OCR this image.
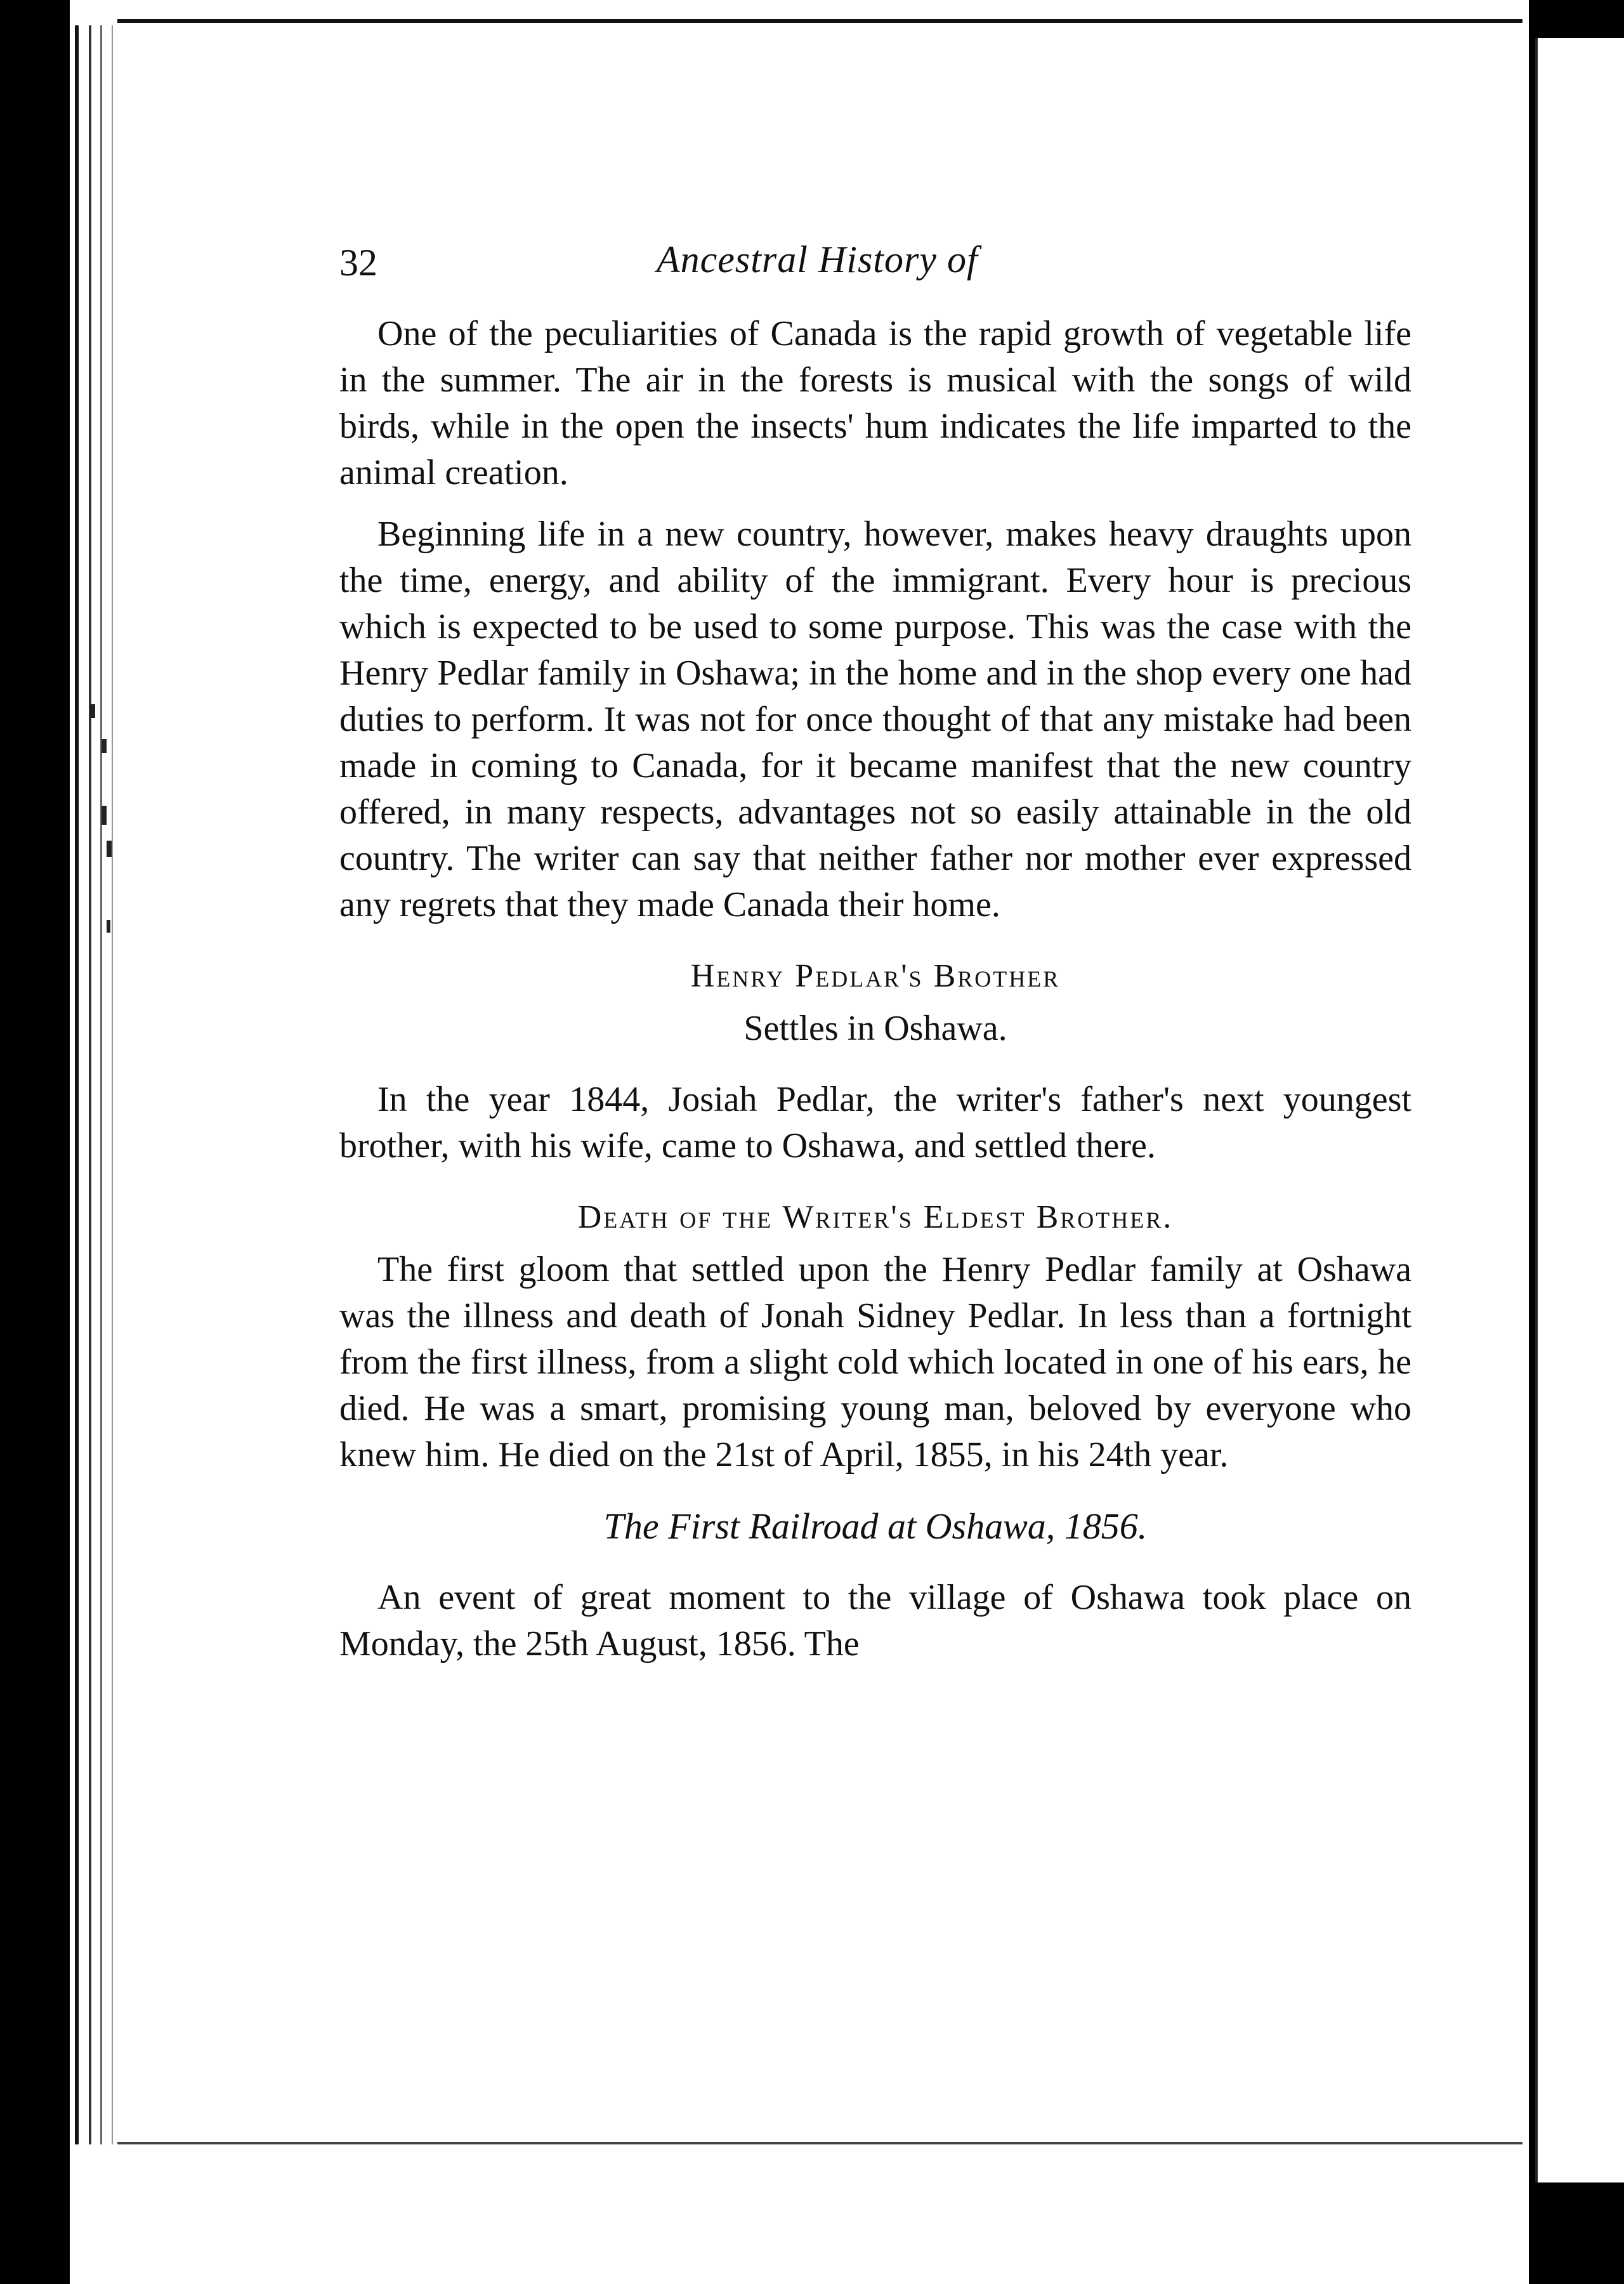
32	Ancestral History of

One of the peculiarities of Canada is the rapid growth of vegetable life in the summer. The air in the forests is musical with the songs of wild birds, while in the open the insects' hum indicates the life imparted to the animal creation.

Beginning life in a new country, however, makes heavy draughts upon the time, energy, and ability of the immigrant. Every hour is precious which is expected to be used to some purpose. This was the case with the Henry Pedlar family in Oshawa; in the home and in the shop every one had duties to perform. It was not for once thought of that any mistake had been made in coming to Canada, for it became manifest that the new country offered, in many respects, advantages not so easily attainable in the old country. The writer can say that neither father nor mother ever expressed any regrets that they made Canada their home.

Henry Pedlar's Brother
Settles in Oshawa.

In the year 1844, Josiah Pedlar, the writer's father's next youngest brother, with his wife, came to Oshawa, and settled there.

Death of the Writer's Eldest Brother.

The first gloom that settled upon the Henry Pedlar family at Oshawa was the illness and death of Jonah Sidney Pedlar. In less than a fortnight from the first illness, from a slight cold which located in one of his ears, he died. He was a smart, promising young man, beloved by everyone who knew him. He died on the 21st of April, 1855, in his 24th year.

The First Railroad at Oshawa, 1856.

An event of great moment to the village of Oshawa took place on Monday, the 25th August, 1856. The
